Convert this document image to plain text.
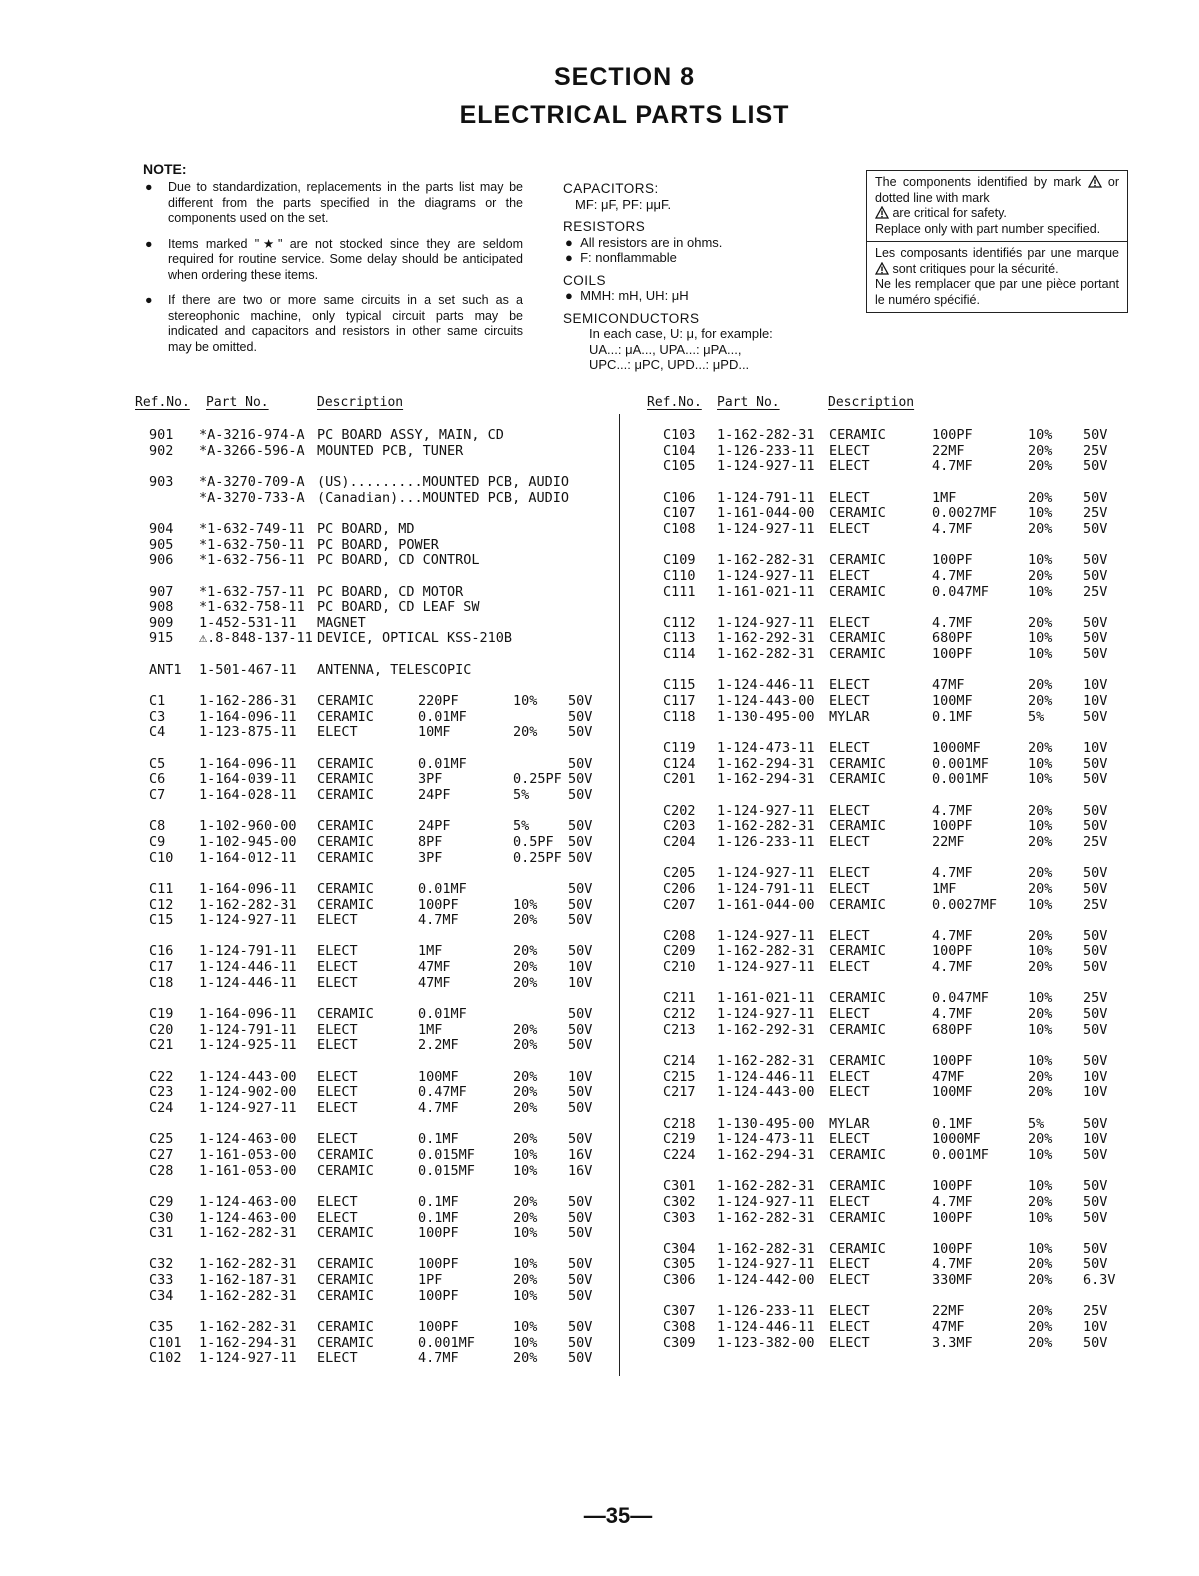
SECTION 8
ELECTRICAL PARTS LIST
NOTE:
● Due to standardization, replacements in the parts list may be different from the parts specified in the diagrams or the components used on the set.
● Items marked "★" are not stocked since they are seldom required for routine service. Some delay should be anticipated when ordering these items.
● If there are two or more same circuits in a set such as a stereophonic machine, only typical circuit parts may be indicated and capacitors and resistors in other same circuits may be omitted.
CAPACITORS:
MF: μF, PF: μμF.
RESISTORS
●  All resistors are in ohms.
●  F: nonflammable
COILS
●  MMH: mH, UH: μH
SEMICONDUCTORS
In each case, U: μ, for example:
UA...: μA..., UPA...: μPA...,
UPC...: μPC, UPD...: μPD...
The components identified by mark or dotted line with mark
are critical for safety.
Replace only with part number specified.
Les composants identifiés par une marque  sont critiques pour la sécurité.
Ne les remplacer que par une pièce portant le numéro spécifié.
Ref.No. Part No.	Description	Ref.No. Part No.	Description
901 *A-3216-974-A PC BOARD ASSY, MAIN, CD
902 *A-3266-596-A MOUNTED PCB, TUNER
903 *A-3270-709-A (US).........MOUNTED PCB, AUDIO
*A-3270-733-A (Canadian)...MOUNTED PCB, AUDIO
904 *1-632-749-11 PC BOARD, MD
905 *1-632-750-11 PC BOARD, POWER
906 *1-632-756-11 PC BOARD, CD CONTROL
907 *1-632-757-11 PC BOARD, CD MOTOR
908 *1-632-758-11 PC BOARD, CD LEAF SW
909 1-452-531-11 MAGNET
915 ⚠.8-848-137-11 DEVICE, OPTICAL KSS-210B
ANT1 1-501-467-11 ANTENNA, TELESCOPIC
C1 1-162-286-31 CERAMIC	220PF	10% 50V
C3 1-164-096-11 CERAMIC	0.01MF	50V
C4 1-123-875-11 ELECT	10MF	20% 50V
C5 1-164-096-11 CERAMIC	0.01MF	50V
C6 1-164-039-11 CERAMIC	3PF	0.25PF 50V
C7 1-164-028-11 CERAMIC	24PF	5%	50V
C8 1-102-960-00 CERAMIC	24PF	5%	50V
C9 1-102-945-00 CERAMIC	8PF	0.5PF 50V
C10 1-164-012-11 CERAMIC	3PF	0.25PF 50V
C11 1-164-096-11 CERAMIC	0.01MF	50V
C12 1-162-282-31 CERAMIC	100PF	10% 50V
C15 1-124-927-11 ELECT	4.7MF	20% 50V
C16 1-124-791-11 ELECT	1MF	20% 50V
C17 1-124-446-11 ELECT	47MF	20% 10V
C18 1-124-446-11 ELECT	47MF	20% 10V
C19 1-164-096-11 CERAMIC	0.01MF	50V
C20 1-124-791-11 ELECT	1MF	20% 50V
C21 1-124-925-11 ELECT	2.2MF	20% 50V
C22 1-124-443-00 ELECT	100MF	20% 10V
C23 1-124-902-00 ELECT	0.47MF	20% 50V
C24 1-124-927-11 ELECT	4.7MF	20% 50V
C25 1-124-463-00 ELECT	0.1MF	20% 50V
C27 1-161-053-00 CERAMIC	0.015MF	10% 16V
C28 1-161-053-00 CERAMIC	0.015MF	10% 16V
C29 1-124-463-00 ELECT	0.1MF	20% 50V
C30 1-124-463-00 ELECT	0.1MF	20% 50V
C31 1-162-282-31 CERAMIC	100PF	10% 50V
C32 1-162-282-31 CERAMIC	100PF	10% 50V
C33 1-162-187-31 CERAMIC	1PF	20% 50V
C34 1-162-282-31 CERAMIC	100PF	10% 50V
C35 1-162-282-31 CERAMIC	100PF	10% 50V
C101 1-162-294-31 CERAMIC	0.001MF	10% 50V
C102 1-124-927-11 ELECT	4.7MF	20% 50V
C103 1-162-282-31 CERAMIC	100PF	10% 50V
C104 1-126-233-11 ELECT	22MF	20% 25V
C105 1-124-927-11 ELECT	4.7MF	20% 50V
C106 1-124-791-11 ELECT	1MF	20% 50V
C107 1-161-044-00 CERAMIC	0.0027MF 10% 25V
C108 1-124-927-11 ELECT	4.7MF	20% 50V
C109 1-162-282-31 CERAMIC	100PF	10% 50V
C110 1-124-927-11 ELECT	4.7MF	20% 50V
C111 1-161-021-11 CERAMIC	0.047MF	10% 25V
C112 1-124-927-11 ELECT	4.7MF	20% 50V
C113 1-162-292-31 CERAMIC	680PF	10% 50V
C114 1-162-282-31 CERAMIC	100PF	10% 50V
C115 1-124-446-11 ELECT	47MF	20% 10V
C117 1-124-443-00 ELECT	100MF	20% 10V
C118 1-130-495-00 MYLAR	0.1MF	5%	50V
C119 1-124-473-11 ELECT	1000MF	20% 10V
C124 1-162-294-31 CERAMIC	0.001MF	10% 50V
C201 1-162-294-31 CERAMIC	0.001MF	10% 50V
C202 1-124-927-11 ELECT	4.7MF	20% 50V
C203 1-162-282-31 CERAMIC	100PF	10% 50V
C204 1-126-233-11 ELECT	22MF	20% 25V
C205 1-124-927-11 ELECT	4.7MF	20% 50V
C206 1-124-791-11 ELECT	1MF	20% 50V
C207 1-161-044-00 CERAMIC	0.0027MF 10% 25V
C208 1-124-927-11 ELECT	4.7MF	20% 50V
C209 1-162-282-31 CERAMIC	100PF	10% 50V
C210 1-124-927-11 ELECT	4.7MF	20% 50V
C211 1-161-021-11 CERAMIC	0.047MF	10% 25V
C212 1-124-927-11 ELECT	4.7MF	20% 50V
C213 1-162-292-31 CERAMIC	680PF	10% 50V
C214 1-162-282-31 CERAMIC	100PF	10% 50V
C215 1-124-446-11 ELECT	47MF	20% 10V
C217 1-124-443-00 ELECT	100MF	20% 10V
C218 1-130-495-00 MYLAR	0.1MF	5%	50V
C219 1-124-473-11 ELECT	1000MF	20% 10V
C224 1-162-294-31 CERAMIC	0.001MF	10% 50V
C301 1-162-282-31 CERAMIC	100PF	10% 50V
C302 1-124-927-11 ELECT	4.7MF	20% 50V
C303 1-162-282-31 CERAMIC	100PF	10% 50V
C304 1-162-282-31 CERAMIC	100PF	10% 50V
C305 1-124-927-11 ELECT	4.7MF	20% 50V
C306 1-124-442-00 ELECT	330MF	20% 6.3V
C307 1-126-233-11 ELECT	22MF	20% 25V
C308 1-124-446-11 ELECT	47MF	20% 10V
C309 1-123-382-00 ELECT	3.3MF	20% 50V
—35—
